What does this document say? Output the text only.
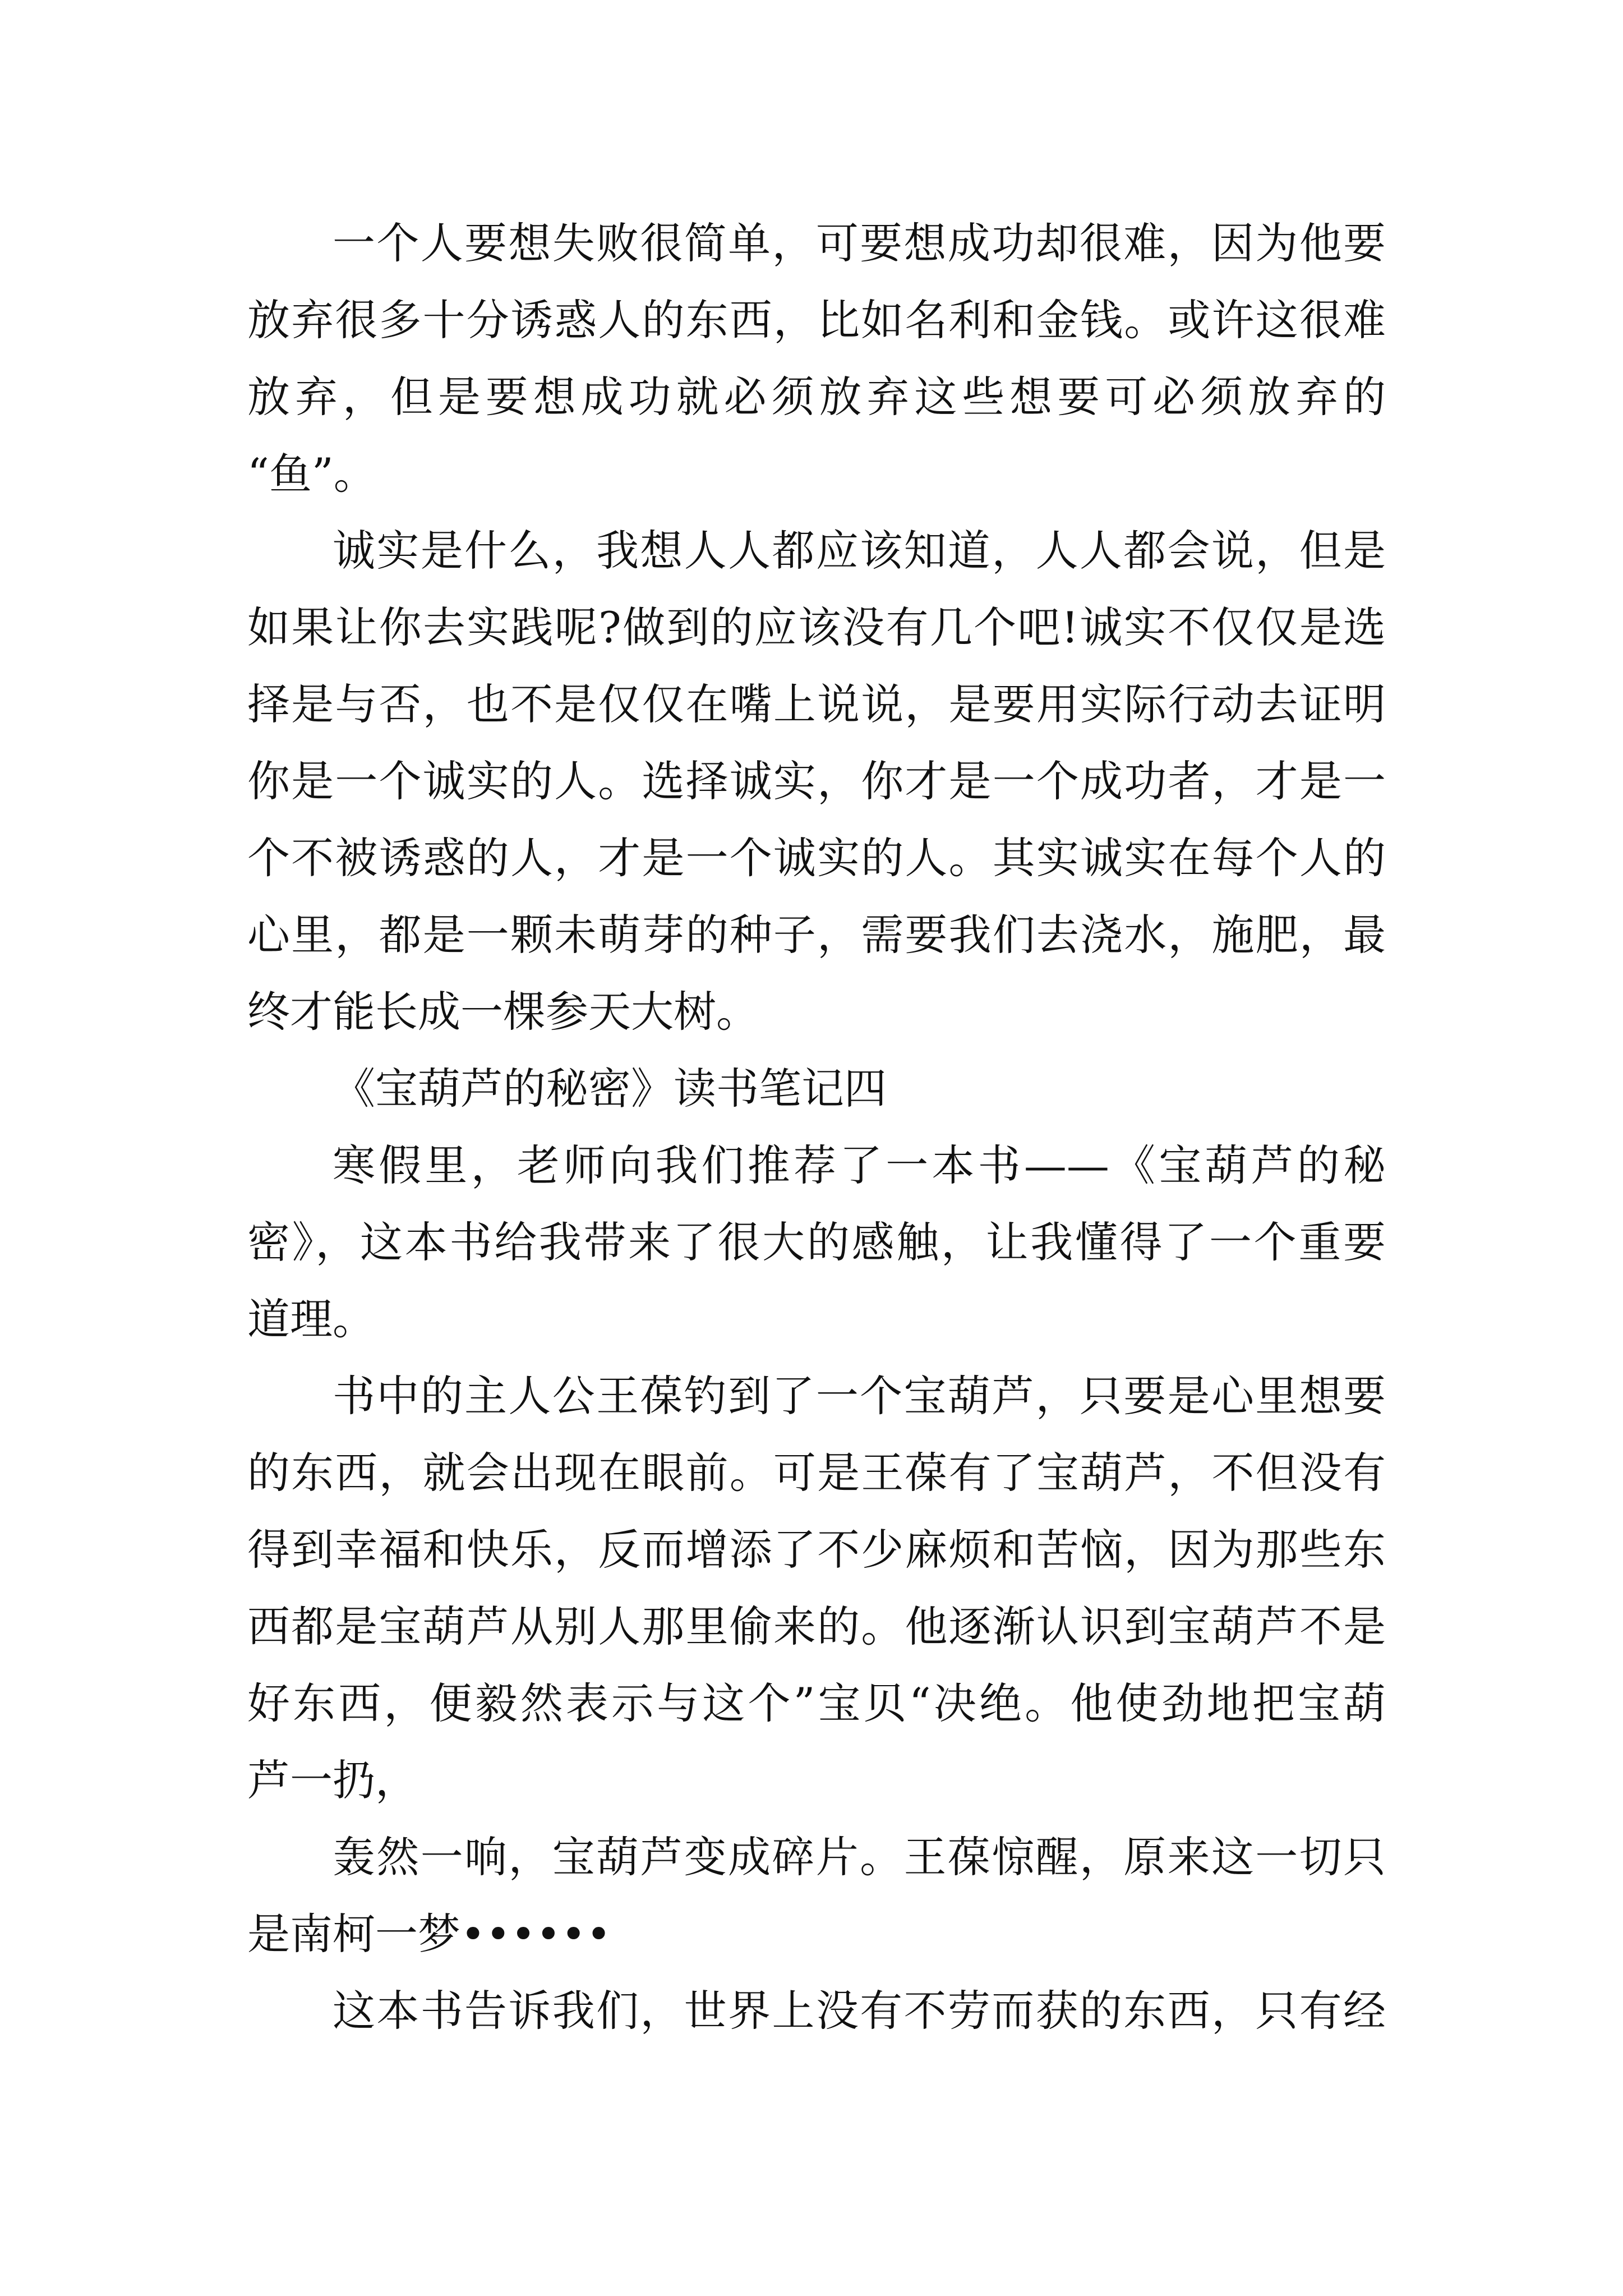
一个人要想失败很简单，可要想成功却很难，因为他要
放弃很多十分诱惑人的东西，比如名利和金钱。或许这很难
放弃，但是要想成功就必须放弃这些想要可必须放弃的
“鱼”。
诚实是什么，我想人人都应该知道，人人都会说，但是
如果让你去实践呢?做到的应该没有几个吧!诚实不仅仅是选
择是与否，也不是仅仅在嘴上说说，是要用实际行动去证明
你是一个诚实的人。选择诚实，你才是一个成功者，才是一
个不被诱惑的人，才是一个诚实的人。其实诚实在每个人的
心里，都是一颗未萌芽的种子，需要我们去浇水，施肥，最
终才能长成一棵参天大树。
《宝葫芦的秘密》读书笔记四
寒假里，老师向我们推荐了一本书——《宝葫芦的秘
密》，这本书给我带来了很大的感触，让我懂得了一个重要
道理。
书中的主人公王葆钓到了一个宝葫芦，只要是心里想要
的东西，就会出现在眼前。可是王葆有了宝葫芦，不但没有
得到幸福和快乐，反而增添了不少麻烦和苦恼，因为那些东
西都是宝葫芦从别人那里偷来的。他逐渐认识到宝葫芦不是
好东西，便毅然表示与这个”宝贝“决绝。他使劲地把宝葫
芦一扔，
轰然一响，宝葫芦变成碎片。王葆惊醒，原来这一切只
是南柯一梦••••••
这本书告诉我们，世界上没有不劳而获的东西，只有经
